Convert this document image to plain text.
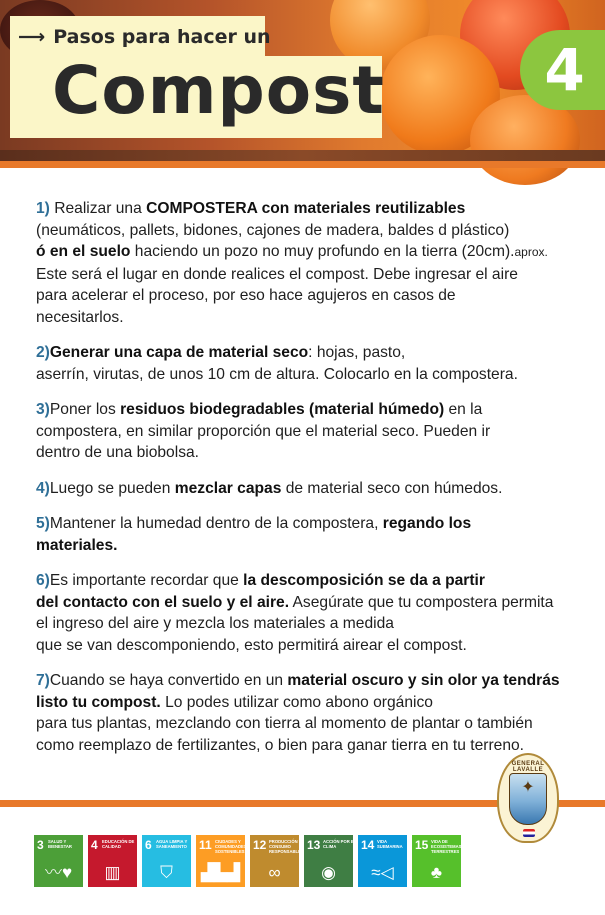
⟶ Pasos para hacer un
Compost	4
1) Realizar una COMPOSTERA con materiales reutilizables
(neumáticos, pallets, bidones, cajones de madera, baldes d plástico)
ó en el suelo haciendo un pozo no muy profundo en la tierra (20cm).aprox.
Este será el lugar en donde realices el compost. Debe ingresar el aire
para acelerar el proceso, por eso hace agujeros en casos de
necesitarlos.
2)Generar una capa de material seco: hojas, pasto,
aserrín, virutas, de unos 10 cm de altura. Colocarlo en la compostera.
3)Poner los residuos biodegradables (material húmedo) en la
compostera, en similar proporción que el material seco. Pueden ir
dentro de una biobolsa.
4)Luego se pueden mezclar capas de material seco con húmedos.
5)Mantener la humedad dentro de la compostera, regando los
materiales.
6)Es importante recordar que la descomposición se da a partir
del contacto con el suelo y el aire. Asegúrate que tu compostera permita
el ingreso del aire y mezcla los materiales a medida
que se van descomponiendo, esto permitirá airear el compost.
7)Cuando se haya convertido en un material oscuro y sin olor ya tendrás
listo tu compost. Lo podes utilizar como abono orgánico
para tus plantas, mezclando con tierra al momento de plantar o también
como reemplazo de fertilizantes, o bien para ganar tierra en tu terreno.
3 SALUD Y BIENESTAR
〰♥
4 EDUCACIÓN DE CALIDAD
▥
6 AGUA LIMPIA Y SANEAMIENTO
⛉
11 CIUDADES Y COMUNIDADES SOSTENIBLES
▟▙▟
12 PRODUCCIÓN Y CONSUMO RESPONSABLES
∞
13 ACCIÓN POR EL CLIMA
◉
14 VIDA SUBMARINA
≈◁
15 VIDA DE ECOSISTEMAS TERRESTRES
♣
GENERAL LAVALLE
✦
